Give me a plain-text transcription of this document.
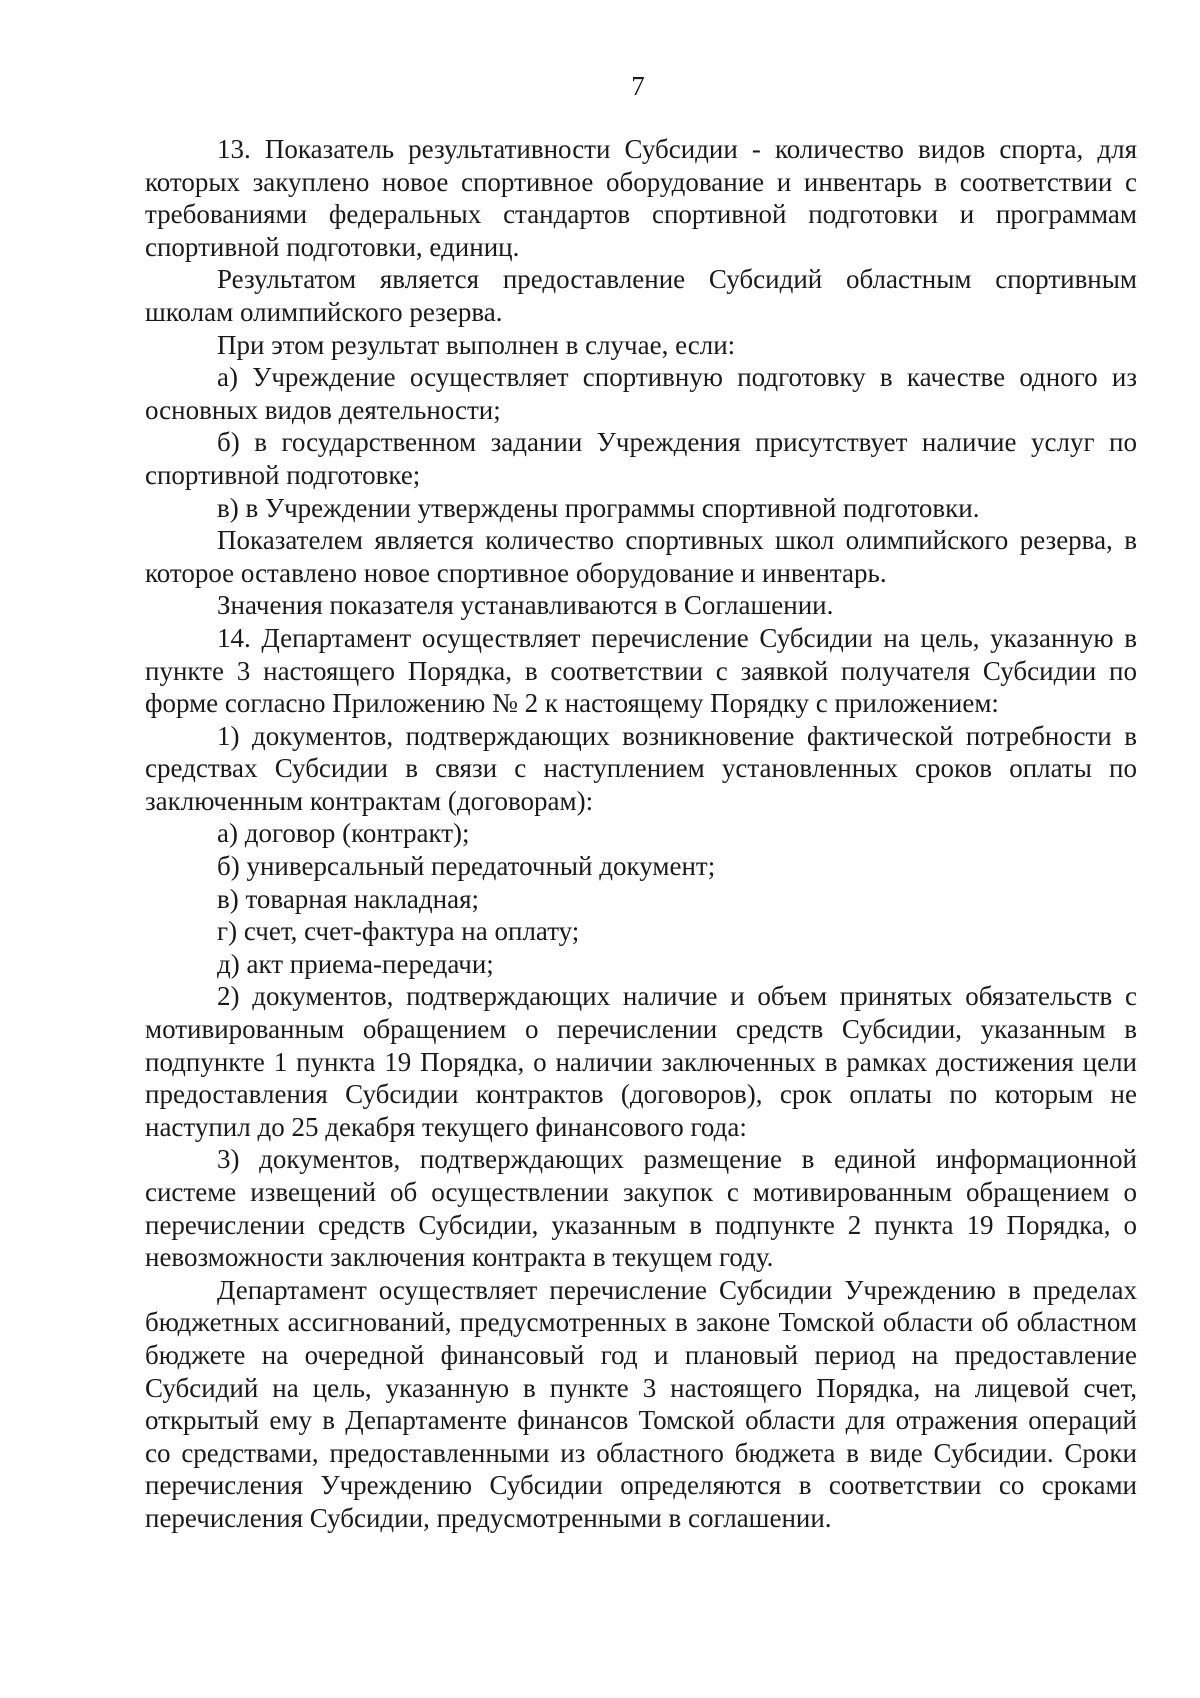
7

13. Показатель результативности Субсидии - количество видов спорта, для которых закуплено новое спортивное оборудование и инвентарь в соответствии с требованиями федеральных стандартов спортивной подготовки и программам спортивной подготовки, единиц.

Результатом является предоставление Субсидий областным спортивным школам олимпийского резерва.

При этом результат выполнен в случае, если:

а) Учреждение осуществляет спортивную подготовку в качестве одного из основных видов деятельности;

б) в государственном задании Учреждения присутствует наличие услуг по спортивной подготовке;

в) в Учреждении утверждены программы спортивной подготовки.

Показателем является количество спортивных школ олимпийского резерва, в которое оставлено новое спортивное оборудование и инвентарь.

Значения показателя устанавливаются в Соглашении.

14. Департамент осуществляет перечисление Субсидии на цель, указанную в пункте 3 настоящего Порядка, в соответствии с заявкой получателя Субсидии по форме согласно Приложению № 2 к настоящему Порядку с приложением:

1) документов, подтверждающих возникновение фактической потребности в средствах Субсидии в связи с наступлением установленных сроков оплаты по заключенным контрактам (договорам):

а) договор (контракт);

б) универсальный передаточный документ;

в) товарная накладная;

г) счет, счет-фактура на оплату;

д) акт приема-передачи;

2) документов, подтверждающих наличие и объем принятых обязательств с мотивированным обращением о перечислении средств Субсидии, указанным в подпункте 1 пункта 19 Порядка, о наличии заключенных в рамках достижения цели предоставления Субсидии контрактов (договоров), срок оплаты по которым не наступил до 25 декабря текущего финансового года:

3) документов, подтверждающих размещение в единой информационной системе извещений об осуществлении закупок с мотивированным обращением о перечислении средств Субсидии, указанным в подпункте 2 пункта 19 Порядка, о невозможности заключения контракта в текущем году.

Департамент осуществляет перечисление Субсидии Учреждению в пределах бюджетных ассигнований, предусмотренных в законе Томской области об областном бюджете на очередной финансовый год и плановый период на предоставление Субсидий на цель, указанную в пункте 3 настоящего Порядка, на лицевой счет, открытый ему в Департаменте финансов Томской области для отражения операций со средствами, предоставленными из областного бюджета в виде Субсидии. Сроки перечисления Учреждению Субсидии определяются в соответствии со сроками перечисления Субсидии, предусмотренными в соглашении.
